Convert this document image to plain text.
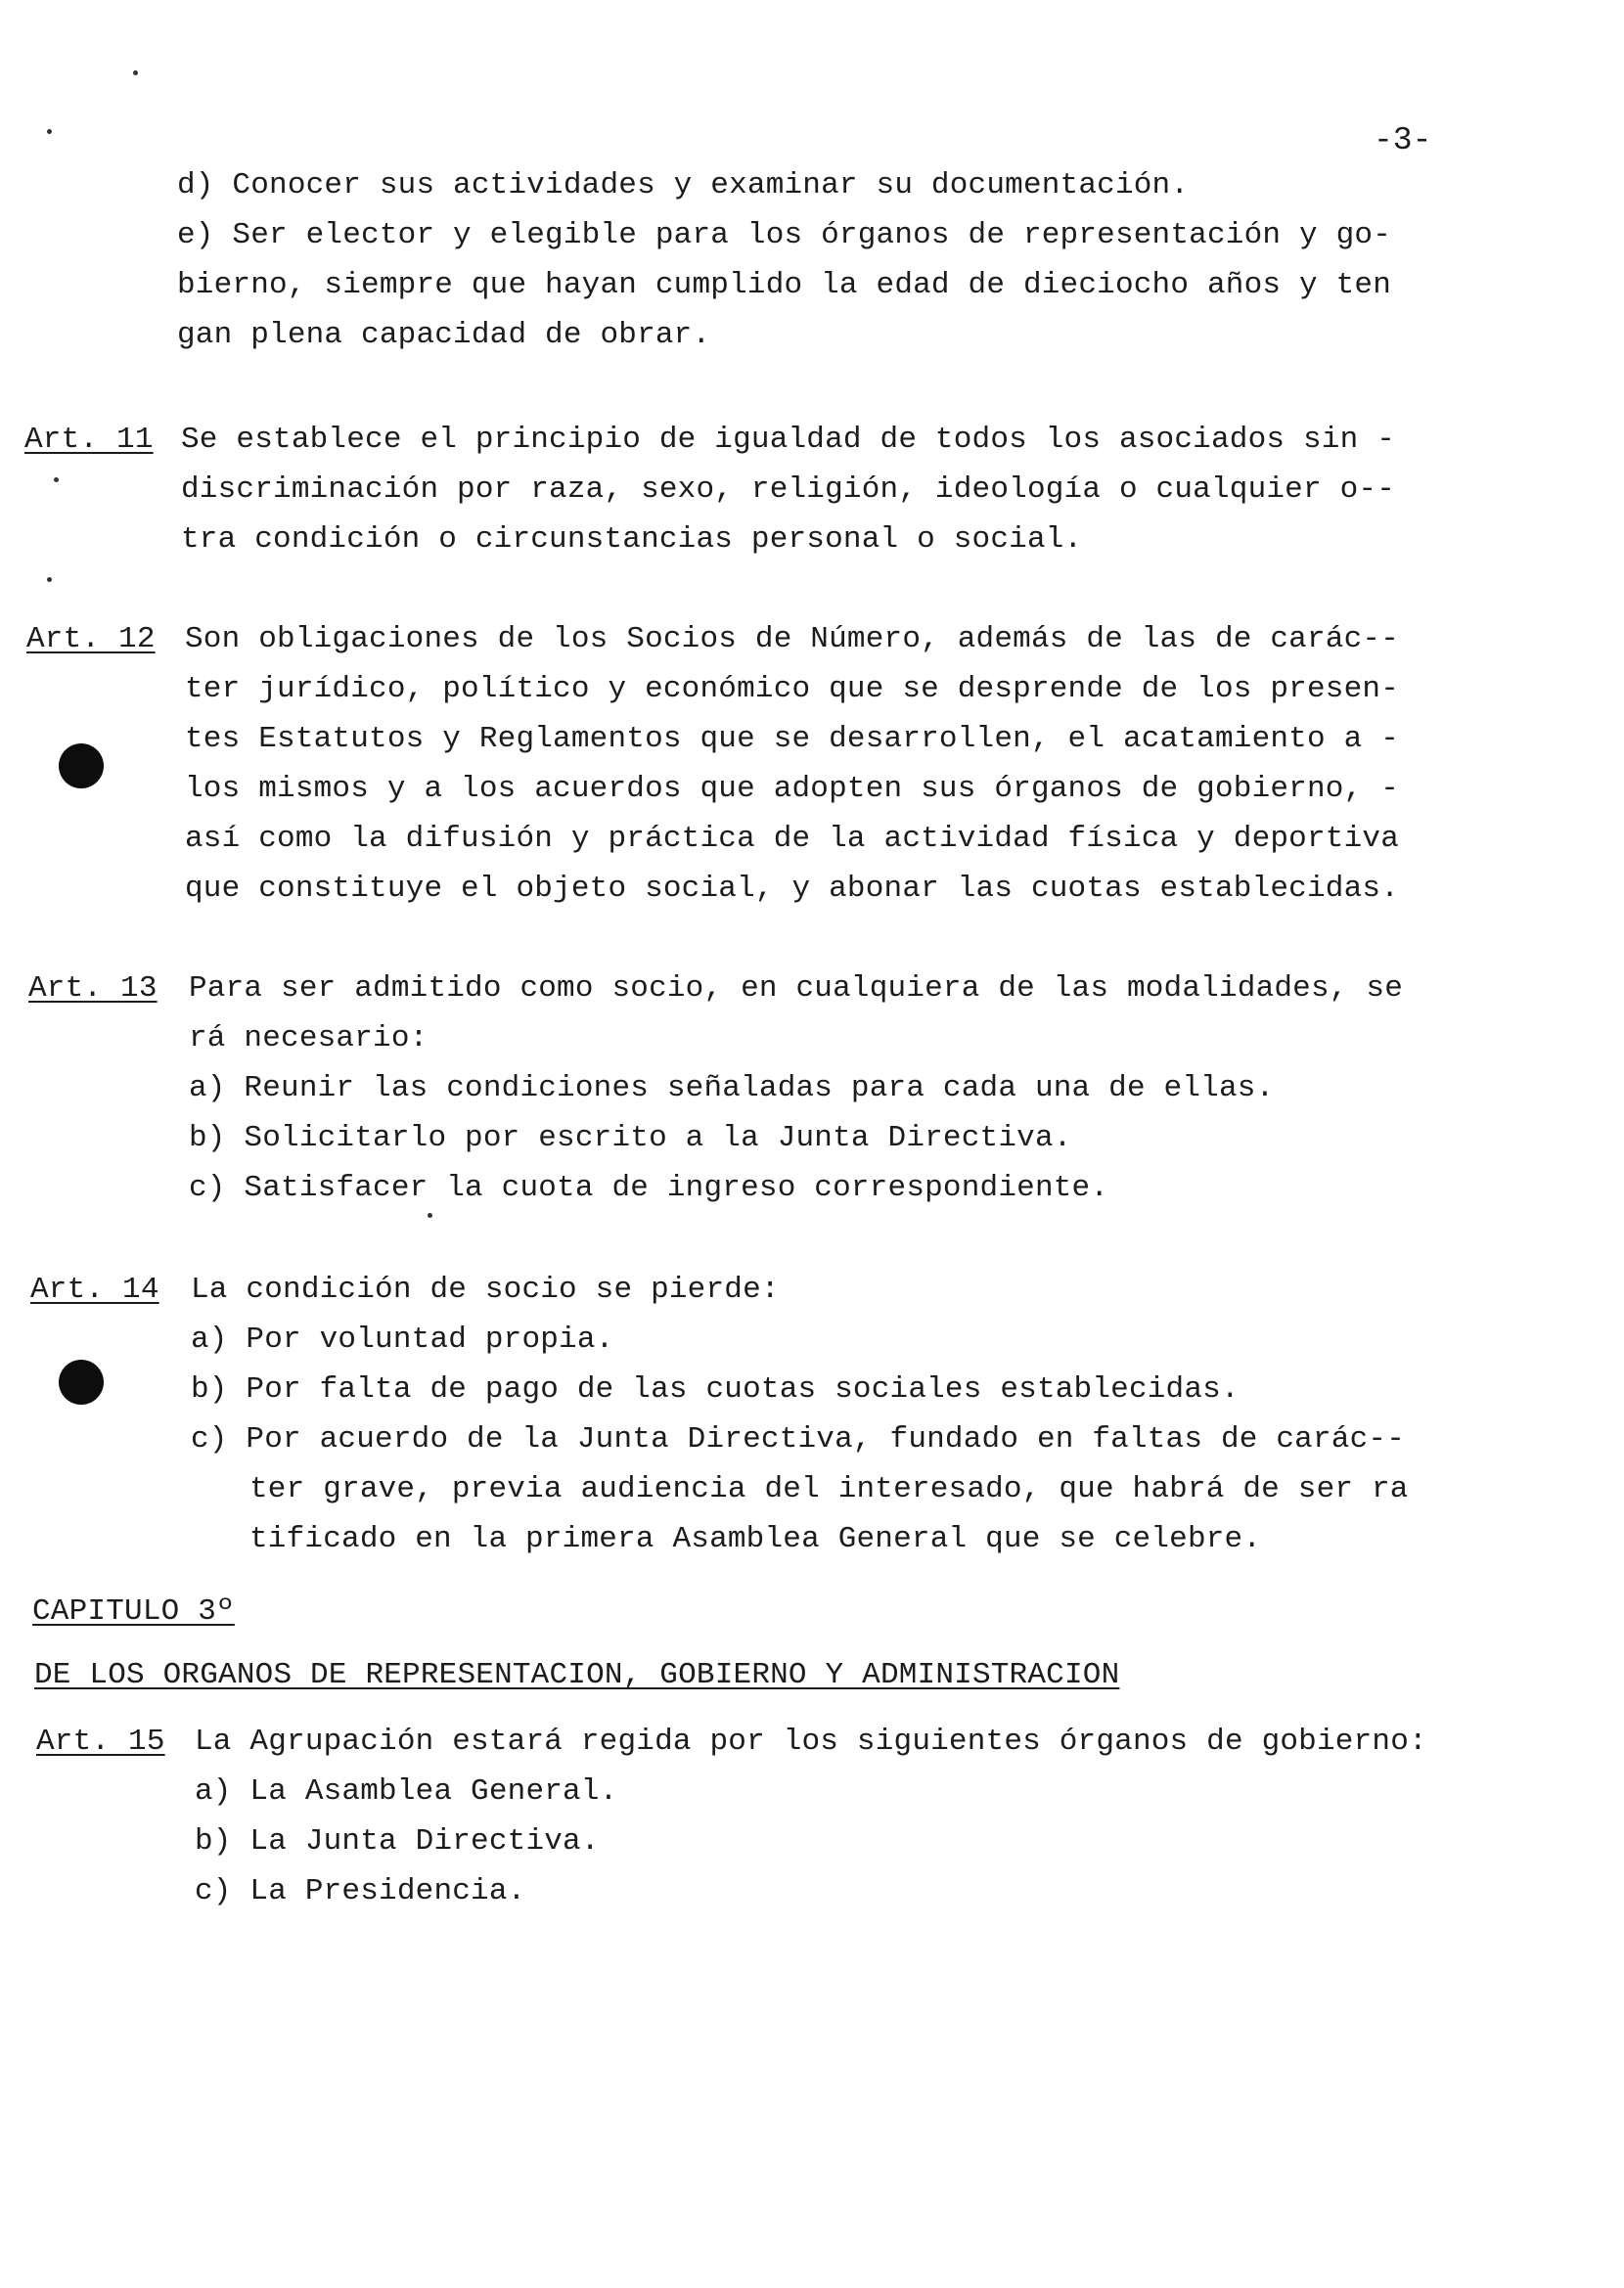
-3-
d) Conocer sus actividades y examinar su documentación.
e) Ser elector y elegible para los órganos de representación y go-
bierno, siempre que hayan cumplido la edad de dieciocho años y ten
gan plena capacidad de obrar.
Art. 11 Se establece el principio de igualdad de todos los asociados sin -
discriminación por raza, sexo, religión, ideología o cualquier o--
tra condición o circunstancias personal o social.
Art. 12 Son obligaciones de los Socios de Número, además de las de carác--
ter jurídico, político y económico que se desprende de los presen-
tes Estatutos y Reglamentos que se desarrollen, el acatamiento a -
los mismos y a los acuerdos que adopten sus órganos de gobierno, -
así como la difusión y práctica de la actividad física y deportiva
que constituye el objeto social, y abonar las cuotas establecidas.
Art. 13 Para ser admitido como socio, en cualquiera de las modalidades, se
rá necesario:
a) Reunir las condiciones señaladas para cada una de ellas.
b) Solicitarlo por escrito a la Junta Directiva.
c) Satisfacer la cuota de ingreso correspondiente.
Art. 14 La condición de socio se pierde:
a) Por voluntad propia.
b) Por falta de pago de las cuotas sociales establecidas.
c) Por acuerdo de la Junta Directiva, fundado en faltas de carác--
ter grave, previa audiencia del interesado, que habrá de ser ra
tificado en la primera Asamblea General que se celebre.
CAPITULO 3º
DE LOS ORGANOS DE REPRESENTACION, GOBIERNO Y ADMINISTRACION
Art. 15 La Agrupación estará regida por los siguientes órganos de gobierno:
a) La Asamblea General.
b) La Junta Directiva.
c) La Presidencia.
